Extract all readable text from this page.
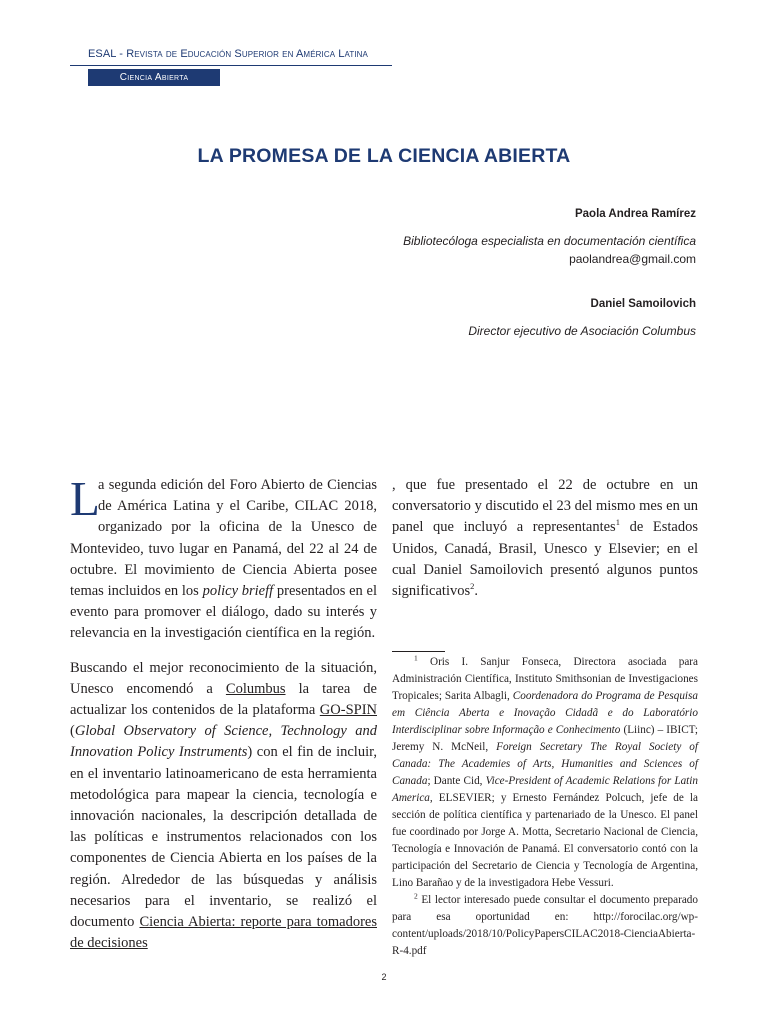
ESAL - Revista de Educación Superior en América Latina
Ciencia Abierta
LA PROMESA DE LA CIENCIA ABIERTA
Paola Andrea Ramírez
Bibliotecóloga especialista en documentación científica
paolandrea@gmail.com
Daniel Samoilovich
Director ejecutivo de Asociación Columbus

L
a segunda edición del Foro Abierto de Ciencias de América Latina y el Caribe, CILAC 2018, organizado por la oficina de la Unesco de Montevideo, tuvo lugar en Panamá, del 22 al 24 de octubre. El movimiento de Ciencia Abierta posee temas incluidos en los policy brieff presentados en el evento para promover el diálogo, dado su interés y relevancia en la investigación científica en la región.

Buscando el mejor reconocimiento de la situación, Unesco encomendó a Columbus la tarea de actualizar los contenidos de la plataforma GO-SPIN (Global Observatory of Science, Technology and Innovation Policy Instruments) con el fin de incluir, en el inventario latinoamericano de esta herramienta metodológica para mapear la ciencia, tecnología e innovación nacionales, la descripción detallada de las políticas e instrumentos relacionados con los componentes de Ciencia Abierta en los países de la región. Alrededor de las búsquedas y análisis necesarios para el inventario, se realizó el documento Ciencia Abierta: reporte para tomadores de decisiones

, que fue presentado el 22 de octubre en un conversatorio y discutido el 23 del mismo mes en un panel que incluyó a representantes$^1$ de Estados Unidos, Canadá, Brasil, Unesco y Elsevier; en el cual Daniel Samoilovich presentó algunos puntos significativos$^2$.

$^1$ Oris I. Sanjur Fonseca, Directora asociada para Administración Científica, Instituto Smithsonian de Investigaciones Tropicales; Sarita Albagli, Coordenadora do Programa de Pesquisa em Ciência Aberta e Inovação Cidadã e do Laboratório Interdisciplinar sobre Informação e Conhecimento (Liinc) – IBICT; Jeremy N. McNeil, Foreign Secretary The Royal Society of Canada: The Academies of Arts, Humanities and Sciences of Canada; Dante Cid, Vice-President of Academic Relations for Latin America, ELSEVIER; y Ernesto Fernández Polcuch, jefe de la sección de política científica y partenariado de la Unesco. El panel fue coordinado por Jorge A. Motta, Secretario Nacional de Ciencia, Tecnología e Innovación de Panamá. El conversatorio contó con la participación del Secretario de Ciencia y Tecnología de Argentina, Lino Barañao y de la investigadora Hebe Vessuri.

$^2$ El lector interesado puede consultar el documento preparado para esa oportunidad en: http://forocilac.org/wp-content/uploads/2018/10/PolicyPapersCILAC2018-CienciaAbierta-R-4.pdf

2
